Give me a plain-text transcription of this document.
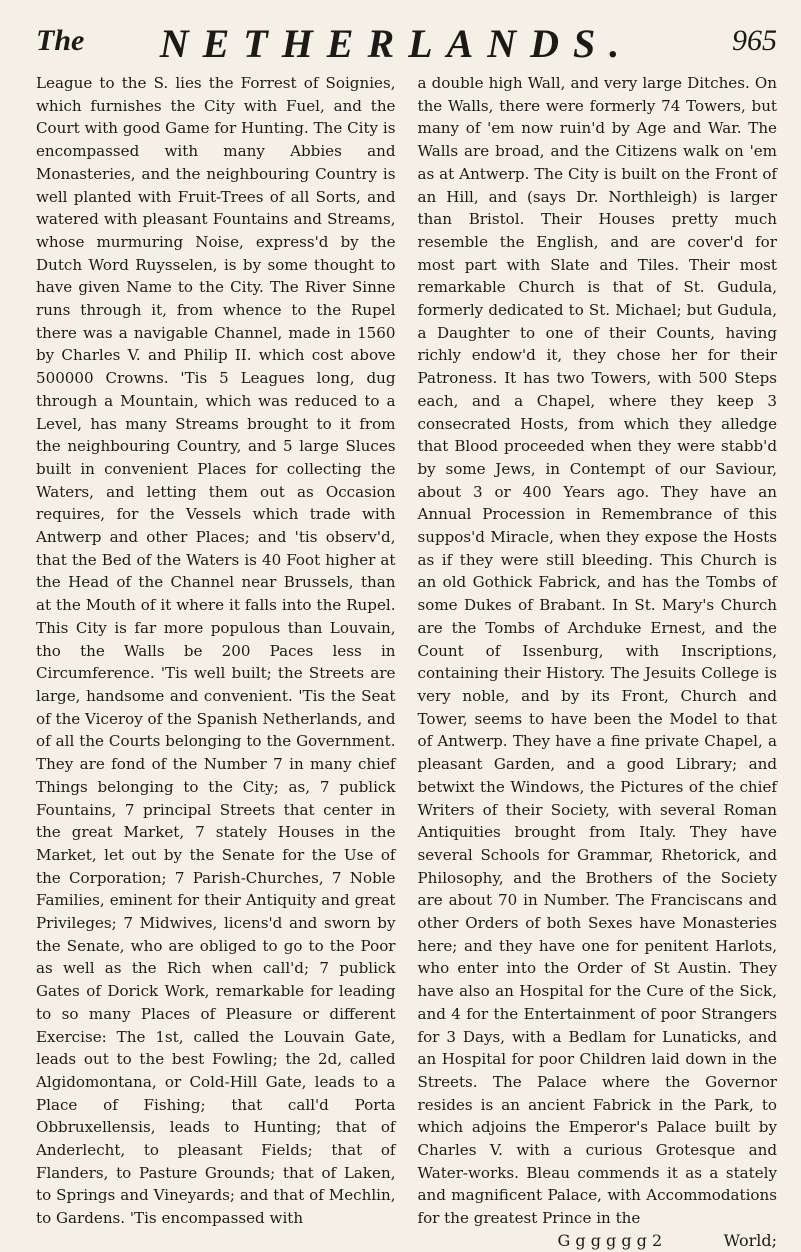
The	NETHERLANDS.	965

League to the S. lies the Forrest of Soignies, which furnishes the City with Fuel, and the Court with good Game for Hunting. The City is encompassed with many Abbies and Monasteries, and the neighbouring Country is well planted with Fruit-Trees of all Sorts, and watered with pleasant Fountains and Streams, whose murmuring Noise, express'd by the Dutch Word Ruysselen, is by some thought to have given Name to the City. The River Sinne runs through it, from whence to the Rupel there was a navigable Channel, made in 1560 by Charles V. and Philip II. which cost above 500000 Crowns. 'Tis 5 Leagues long, dug through a Mountain, which was reduced to a Level, has many Streams brought to it from the neighbouring Country, and 5 large Sluces built in convenient Places for collecting the Waters, and letting them out as Occasion requires, for the Vessels which trade with Antwerp and other Places; and 'tis observ'd, that the Bed of the Waters is 40 Foot higher at the Head of the Channel near Brussels, than at the Mouth of it where it falls into the Rupel. This City is far more populous than Louvain, tho the Walls be 200 Paces less in Circumference. 'Tis well built; the Streets are large, handsome and convenient. 'Tis the Seat of the Viceroy of the Spanish Netherlands, and of all the Courts belonging to the Government. They are fond of the Number 7 in many chief Things belonging to the City; as, 7 publick Fountains, 7 principal Streets that center in the great Market, 7 stately Houses in the Market, let out by the Senate for the Use of the Corporation; 7 Parish-Churches, 7 Noble Families, eminent for their Antiquity and great Privileges; 7 Midwives, licens'd and sworn by the Senate, who are obliged to go to the Poor as well as the Rich when call'd; 7 publick Gates of Dorick Work, remarkable for leading to so many Places of Pleasure or different Exercise: The 1st, called the Louvain Gate, leads out to the best Fowling; the 2d, called Algidomontana, or Cold-Hill Gate, leads to a Place of Fishing; that call'd Porta Obbruxellensis, leads to Hunting; that of Anderlecht, to pleasant Fields; that of Flanders, to Pasture Grounds; that of Laken, to Springs and Vineyards; and that of Mechlin, to Gardens. 'Tis encompassed with

a double high Wall, and very large Ditches. On the Walls, there were formerly 74 Towers, but many of 'em now ruin'd by Age and War. The Walls are broad, and the Citizens walk on 'em as at Antwerp. The City is built on the Front of an Hill, and (says Dr. Northleigh) is larger than Bristol. Their Houses pretty much resemble the English, and are cover'd for most part with Slate and Tiles. Their most remarkable Church is that of St. Gudula, formerly dedicated to St. Michael; but Gudula, a Daughter to one of their Counts, having richly endow'd it, they chose her for their Patroness. It has two Towers, with 500 Steps each, and a Chapel, where they keep 3 consecrated Hosts, from which they alledge that Blood proceeded when they were stabb'd by some Jews, in Contempt of our Saviour, about 3 or 400 Years ago. They have an Annual Procession in Remembrance of this suppos'd Miracle, when they expose the Hosts as if they were still bleeding. This Church is an old Gothick Fabrick, and has the Tombs of some Dukes of Brabant. In St. Mary's Church are the Tombs of Archduke Ernest, and the Count of Issenburg, with Inscriptions, containing their History. The Jesuits College is very noble, and by its Front, Church and Tower, seems to have been the Model to that of Antwerp. They have a fine private Chapel, a pleasant Garden, and a good Library; and betwixt the Windows, the Pictures of the chief Writers of their Society, with several Roman Antiquities brought from Italy. They have several Schools for Grammar, Rhetorick, and Philosophy, and the Brothers of the Society are about 70 in Number. The Franciscans and other Orders of both Sexes have Monasteries here; and they have one for penitent Harlots, who enter into the Order of St Austin. They have also an Hospital for the Cure of the Sick, and 4 for the Entertainment of poor Strangers for 3 Days, with a Bedlam for Lunaticks, and an Hospital for poor Children laid down in the Streets. The Palace where the Governor resides is an ancient Fabrick in the Park, to which adjoins the Emperor's Palace built by Charles V. with a curious Grotesque and Water-works. Bleau commends it as a stately and magnificent Palace, with Accommodations for the greatest Prince in the

G g g g g g 2	World;
